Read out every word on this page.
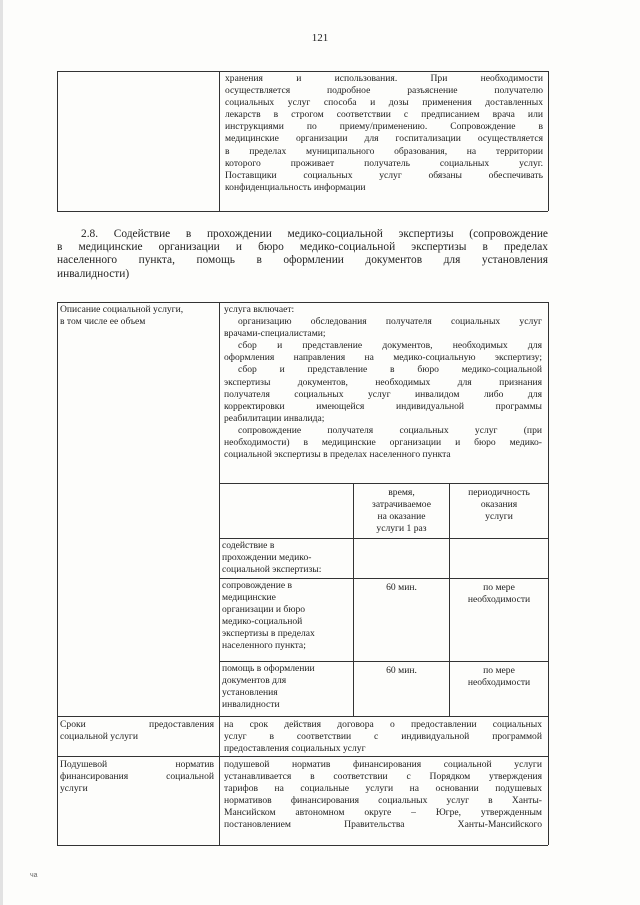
121

хранения и использования. При необходимости

осуществляется подробное разъяснение получателю

социальных услуг способа и дозы применения доставленных

лекарств в строгом соответствии с предписанием врача или

инструкциями по приему/применению. Сопровождение в

медицинские организации для госпитализации осуществляется

в пределах муниципального образования, на территории

которого проживает получатель социальных услуг.

Поставщики социальных услуг обязаны обеспечивать

конфиденциальность информации

2.8. Содействие в прохождении медико-социальной экспертизы (сопровождение

в медицинские организации и бюро медико-социальной экспертизы в пределах

населенного пункта, помощь в оформлении документов для установления

инвалидности)

Описание социальной услуги,

в том числе ее объем

услуга включает:

организацию обследования получателя социальных услуг

врачами-специалистами;

сбор и представление документов, необходимых для

оформления направления на медико-социальную экспертизу;

сбор и представление в бюро медико-социальной

экспертизы документов, необходимых для признания

получателя социальных услуг инвалидом либо для

корректировки имеющейся индивидуальной программы

реабилитации инвалида;

сопровождение получателя социальных услуг (при

необходимости) в медицинские организации и бюро медико-

социальной экспертизы в пределах населенного пункта

время,

затрачиваемое

на оказание

услуги 1 раз

периодичность

оказания

услуги

содействие в

прохождении медико-

социальной экспертизы:

сопровождение в

медицинские

организации и бюро

медико-социальной

экспертизы в пределах

населенного пункта;

60 мин.	по мере

необходимости

помощь в оформлении

документов для

установления

инвалидности

60 мин.	по мере

необходимости

Сроки предоставления

социальной услуги

на срок действия договора о предоставлении социальных

услуг в соответствии с индивидуальной программой

предоставления социальных услуг

Подушевой норматив

финансирования социальной

услуги

подушевой норматив финансирования социальной услуги

устанавливается в соответствии с Порядком утверждения

тарифов на социальные услуги на основании подушевых

нормативов финансирования социальных услуг в Ханты-

Мансийском автономном округе – Югре, утвержденным

постановлением Правительства Ханты-Мансийского

ча
